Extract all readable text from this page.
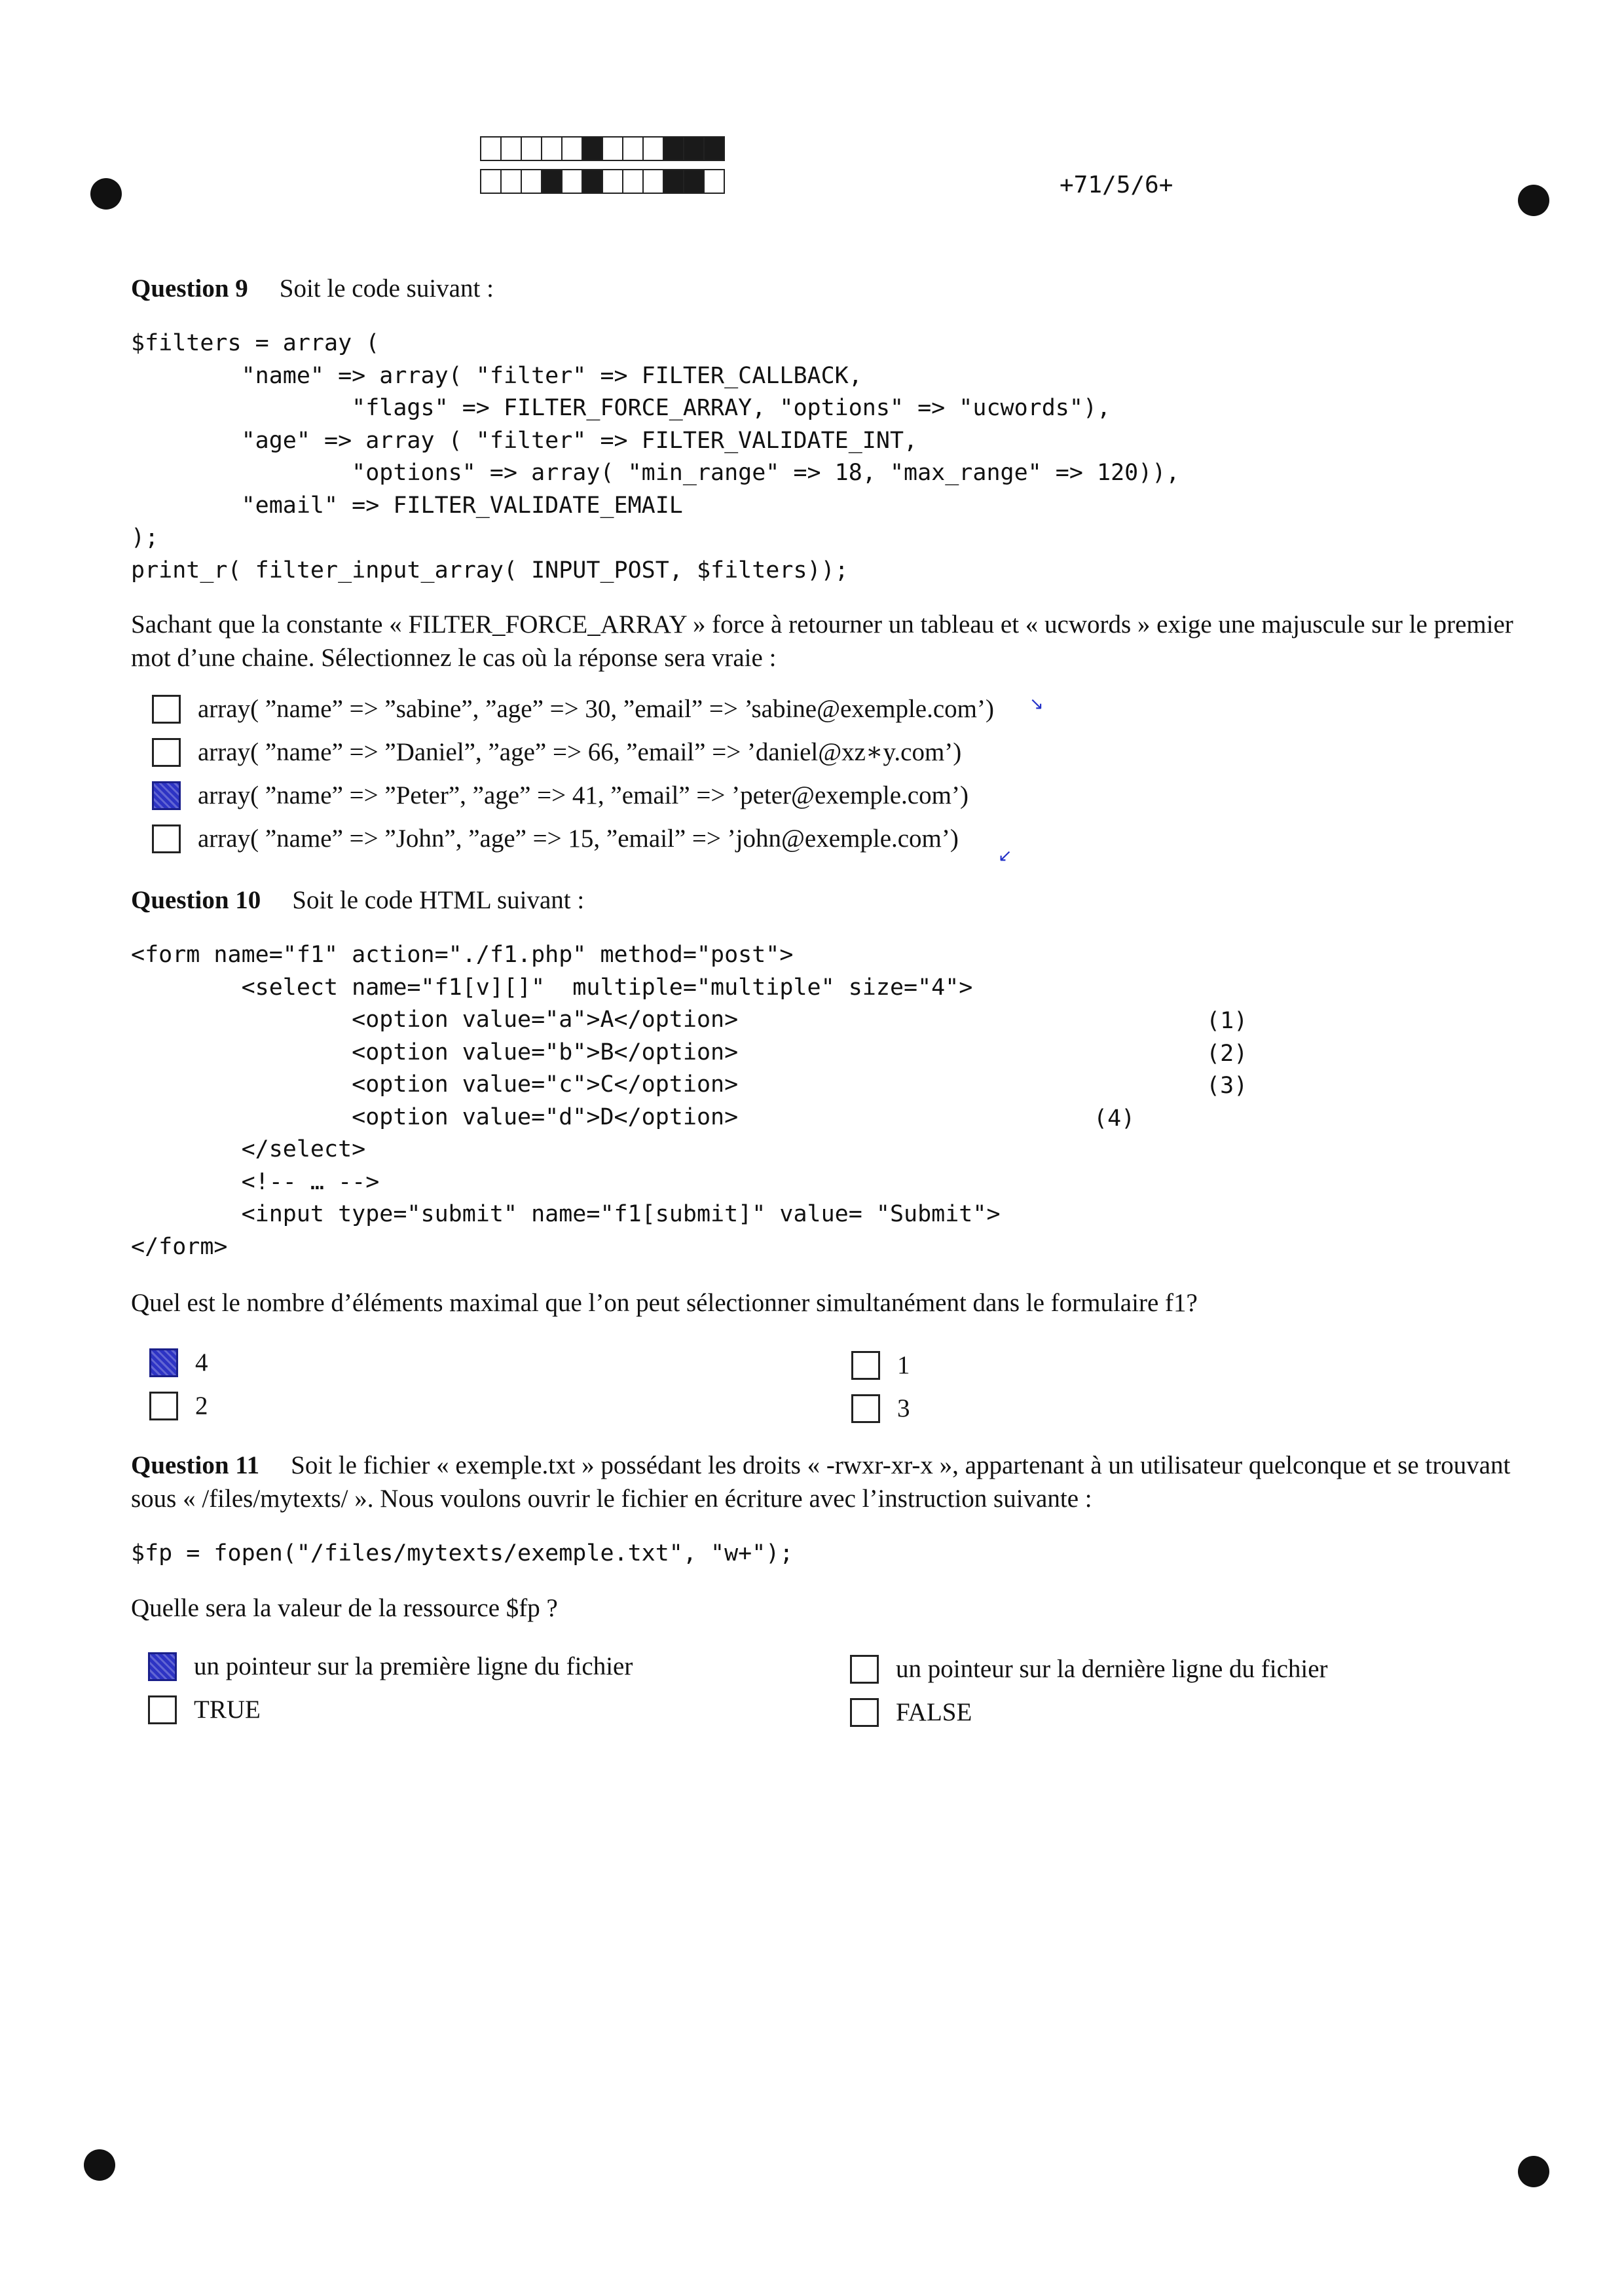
+71/5/6+
Question 9 Soit le code suivant :
$filters = array (
"name" => array( "filter" => FILTER_CALLBACK,
"flags" => FILTER_FORCE_ARRAY, "options" => "ucwords"),
"age" => array ( "filter" => FILTER_VALIDATE_INT,
"options" => array( "min_range" => 18, "max_range" => 120)),
"email" => FILTER_VALIDATE_EMAIL
);
print_r( filter_input_array( INPUT_POST, $filters));
Sachant que la constante « FILTER_FORCE_ARRAY » force à retourner un tableau et « ucwords » exige une majuscule sur le premier mot d’une chaine. Sélectionnez le cas où la réponse sera vraie :
array( ”name” => ”sabine”, ”age” => 30, ”email” => ’sabine@exemple.com’) ↘
array( ”name” => ”Daniel”, ”age” => 66, ”email” => ’daniel@xz∗y.com’)
array( ”name” => ”Peter”, ”age” => 41, ”email” => ’peter@exemple.com’)
array( ”name” => ”John”, ”age” => 15, ”email” => ’john@exemple.com’)
↙
Question 10 Soit le code HTML suivant :
<form name="f1" action="./f1.php" method="post">
<select name="f1[v][]"  multiple="multiple" size="4">
<option value="a">A</option>
<option value="b">B</option>
<option value="c">C</option>
<option value="d">D</option>
</select>
<!-- … -->
<input type="submit" name="f1[submit]" value= "Submit">
</form>
(1)
(2)
(3)
(4)
Quel est le nombre d’éléments maximal que l’on peut sélectionner simultanément dans le formulaire f1?
4	1
2	3
Question 11 Soit le fichier « exemple.txt » possédant les droits « -rwxr-xr-x », appartenant à un utilisateur quelconque et se trouvant sous « /files/mytexts/ ». Nous voulons ouvrir le fichier en écriture avec l’instruction suivante :
$fp = fopen("/files/mytexts/exemple.txt", "w+");
Quelle sera la valeur de la ressource $fp ?
un pointeur sur la première ligne du fichier	un pointeur sur la dernière ligne du fichier
TRUE	FALSE
